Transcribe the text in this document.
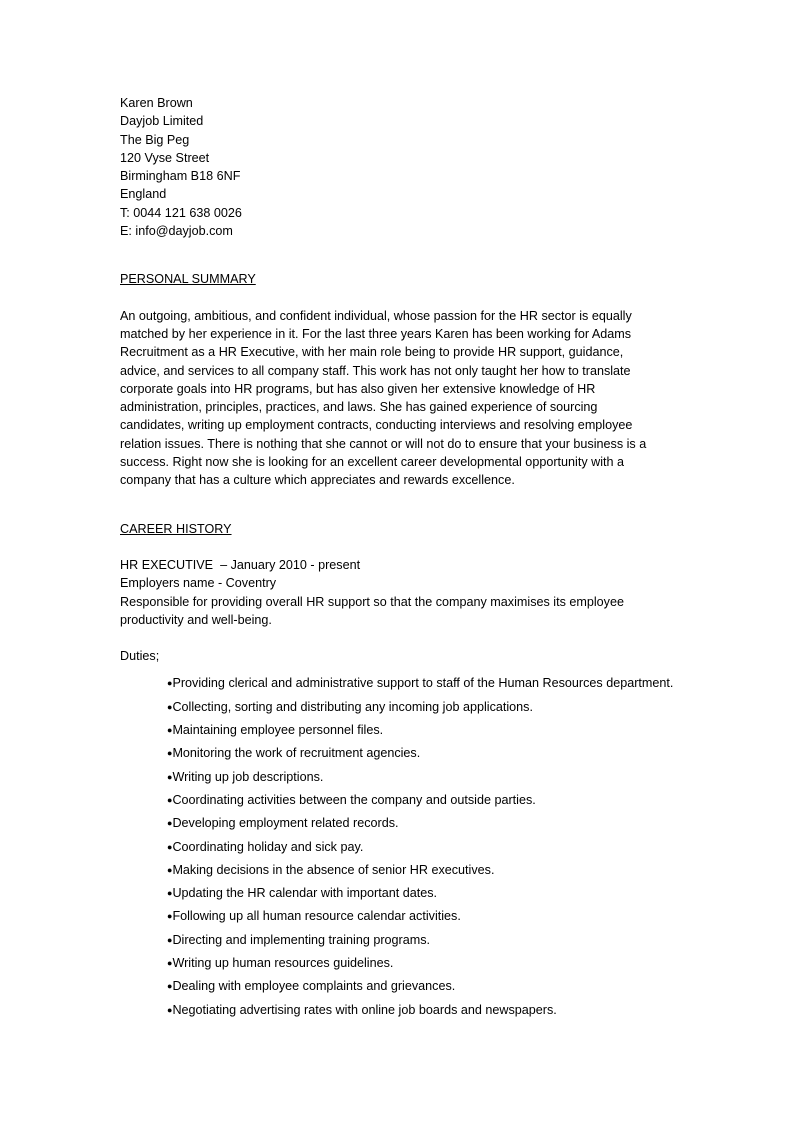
Karen Brown
Dayjob Limited
The Big Peg
120 Vyse Street
Birmingham B18 6NF
England
T: 0044 121 638 0026
E: info@dayjob.com
PERSONAL SUMMARY
An outgoing, ambitious, and confident individual, whose passion for the HR sector is equally matched by her experience in it. For the last three years Karen has been working for Adams Recruitment as a HR Executive, with her main role being to provide HR support, guidance, advice, and services to all company staff. This work has not only taught her how to translate corporate goals into HR programs, but has also given her extensive knowledge of HR administration, principles, practices, and laws. She has gained experience of sourcing candidates, writing up employment contracts, conducting interviews and resolving employee relation issues. There is nothing that she cannot or will not do to ensure that your business is a success. Right now she is looking for an excellent career developmental opportunity with a company that has a culture which appreciates and rewards excellence.
CAREER HISTORY
HR EXECUTIVE  – January 2010 - present
Employers name - Coventry
Responsible for providing overall HR support so that the company maximises its employee productivity and well-being.
Duties;
●Providing clerical and administrative support to staff of the Human Resources department.
●Collecting, sorting and distributing any incoming job applications.
●Maintaining employee personnel files.
●Monitoring the work of recruitment agencies.
●Writing up job descriptions.
●Coordinating activities between the company and outside parties.
●Developing employment related records.
●Coordinating holiday and sick pay.
●Making decisions in the absence of senior HR executives.
●Updating the HR calendar with important dates.
●Following up all human resource calendar activities.
●Directing and implementing training programs.
●Writing up human resources guidelines.
●Dealing with employee complaints and grievances.
●Negotiating advertising rates with online job boards and newspapers.
